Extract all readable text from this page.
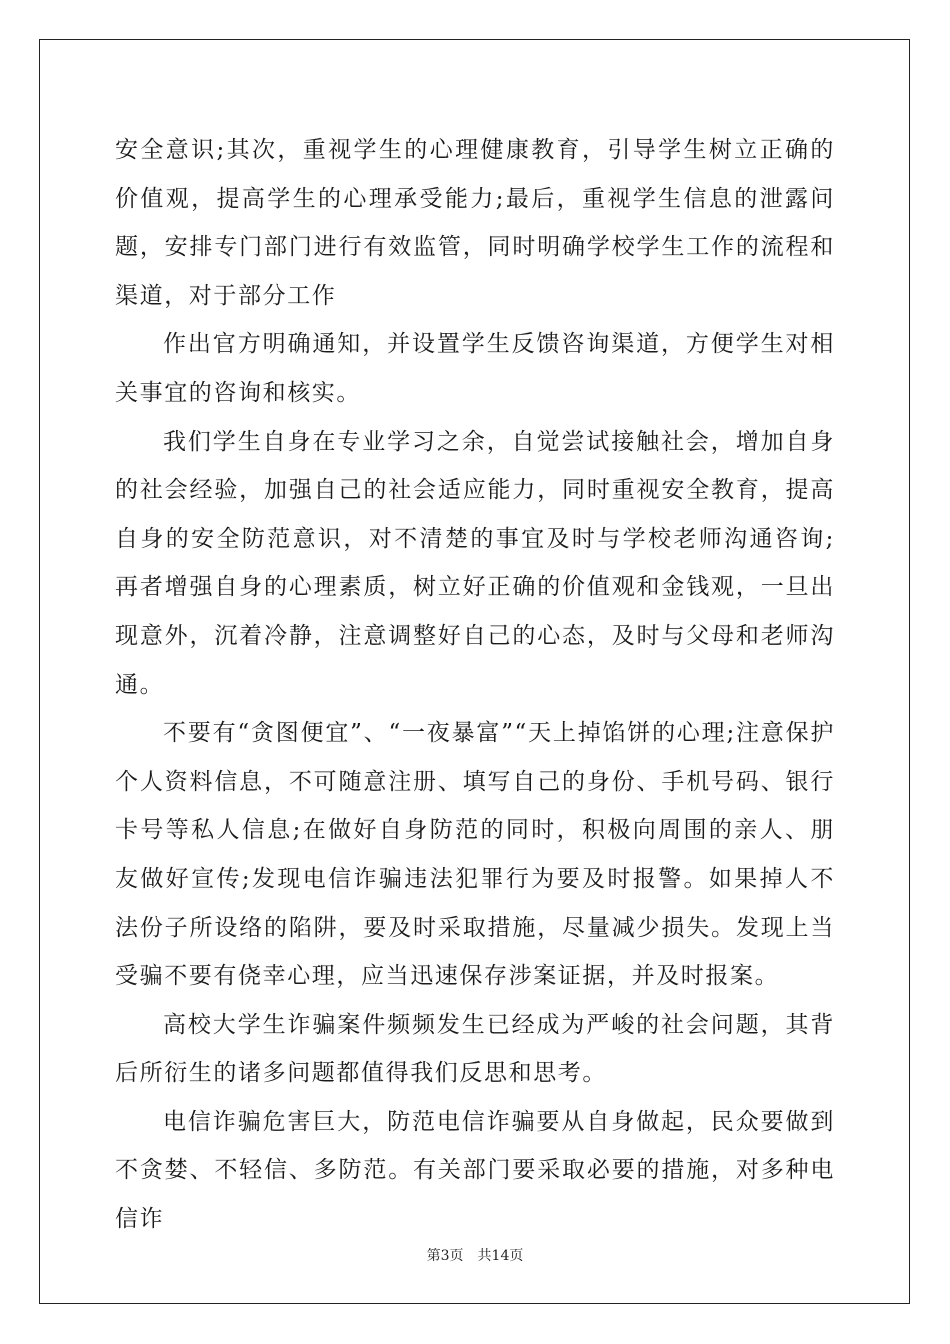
安全意识;其次，重视学生的心理健康教育，引导学生树立正确的价值观，提高学生的心理承受能力;最后，重视学生信息的泄露问题，安排专门部门进行有效监管，同时明确学校学生工作的流程和渠道，对于部分工作

作出官方明确通知，并设置学生反馈咨询渠道，方便学生对相关事宜的咨询和核实。

我们学生自身在专业学习之余，自觉尝试接触社会，增加自身的社会经验，加强自己的社会适应能力，同时重视安全教育，提高自身的安全防范意识，对不清楚的事宜及时与学校老师沟通咨询;再者增强自身的心理素质，树立好正确的价值观和金钱观，一旦出现意外，沉着冷静，注意调整好自己的心态，及时与父母和老师沟通。

不要有“贪图便宜”、“一夜暴富”“天上掉馅饼的心理;注意保护个人资料信息，不可随意注册、填写自己的身份、手机号码、银行卡号等私人信息;在做好自身防范的同时，积极向周围的亲人、朋友做好宣传;发现电信诈骗违法犯罪行为要及时报警。如果掉人不法份子所设络的陷阱，要及时采取措施，尽量减少损失。发现上当受骗不要有侥幸心理，应当迅速保存涉案证据，并及时报案。

高校大学生诈骗案件频频发生已经成为严峻的社会问题，其背后所衍生的诸多问题都值得我们反思和思考。

电信诈骗危害巨大，防范电信诈骗要从自身做起，民众要做到不贪婪、不轻信、多防范。有关部门要采取必要的措施，对多种电信诈

第3页 共14页
